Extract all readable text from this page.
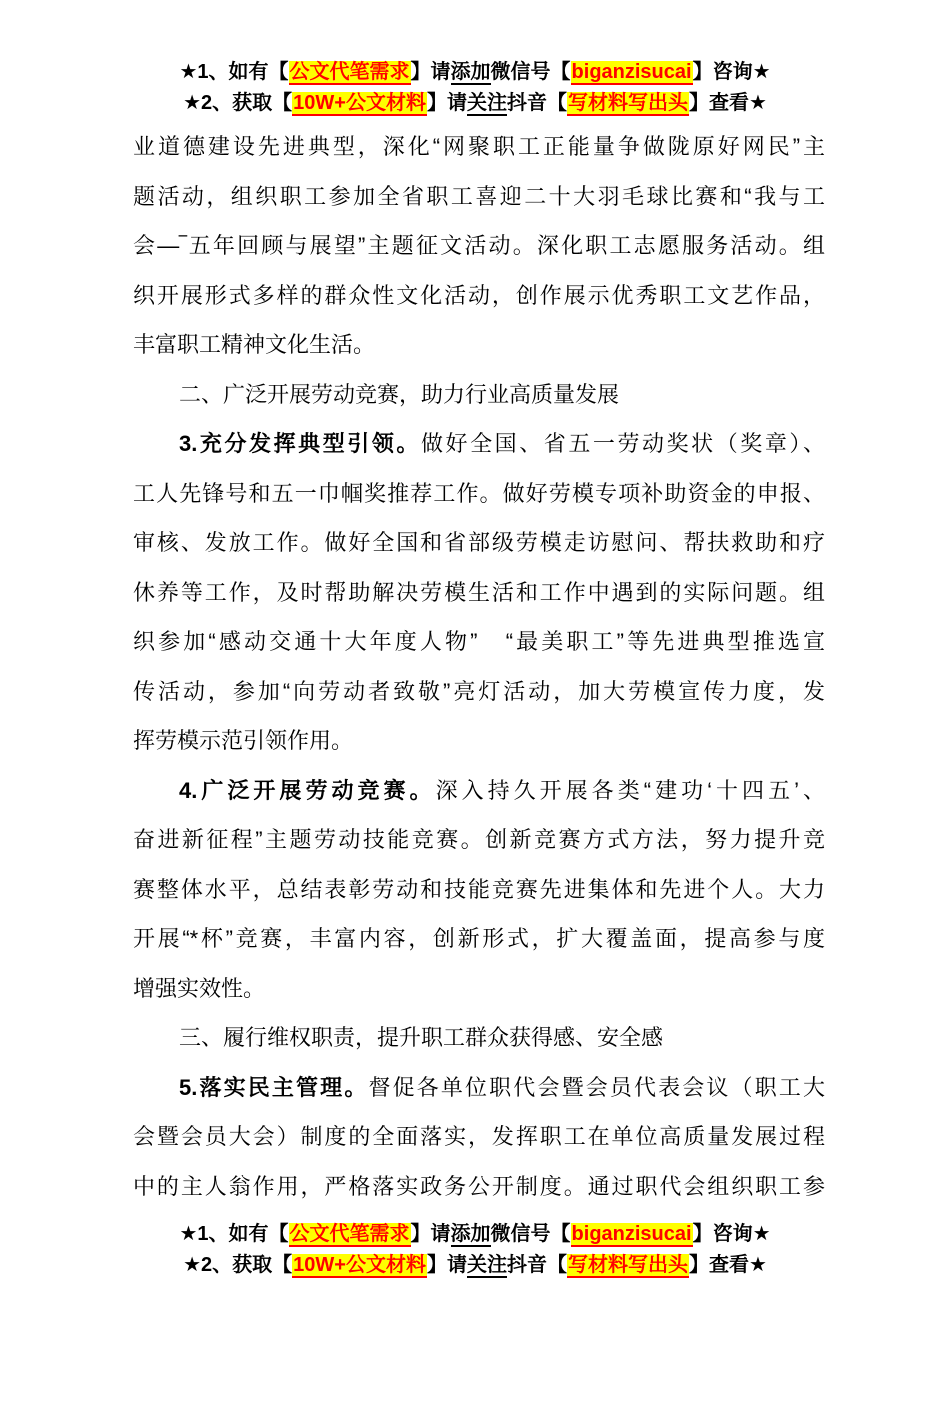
★1、如有【公文代笔需求】请添加微信号【biganzisucai】咨询★
★2、获取【10W+公文材料】请关注抖音【写材料写出头】查看★
业道德建设先进典型，深化“网聚职工正能量争做陇原好网民”主
题活动，组织职工参加全省职工喜迎二十大羽毛球比赛和“我与工
会—‾五年回顾与展望”主题征文活动。深化职工志愿服务活动。组
织开展形式多样的群众性文化活动，创作展示优秀职工文艺作品，
丰富职工精神文化生活。
二、广泛开展劳动竞赛，助力行业高质量发展
3.充分发挥典型引领。做好全国、省五一劳动奖状（奖章）、
工人先锋号和五一巾帼奖推荐工作。做好劳模专项补助资金的申报、
审核、发放工作。做好全国和省部级劳模走访慰问、帮扶救助和疗
休养等工作，及时帮助解决劳模生活和工作中遇到的实际问题。组
织参加“感动交通十大年度人物”　“最美职工”等先进典型推选宣
传活动，参加“向劳动者致敬”亮灯活动，加大劳模宣传力度，发
挥劳模示范引领作用。
4.广泛开展劳动竞赛。深入持久开展各类“建功‘十四五’、
奋进新征程”主题劳动技能竞赛。创新竞赛方式方法，努力提升竞
赛整体水平，总结表彰劳动和技能竞赛先进集体和先进个人。大力
开展“*杯”竞赛，丰富内容，创新形式，扩大覆盖面，提高参与度
增强实效性。
三、履行维权职责，提升职工群众获得感、安全感
5.落实民主管理。督促各单位职代会暨会员代表会议（职工大
会暨会员大会）制度的全面落实，发挥职工在单位高质量发展过程
中的主人翁作用，严格落实政务公开制度。通过职代会组织职工参
★1、如有【公文代笔需求】请添加微信号【biganzisucai】咨询★
★2、获取【10W+公文材料】请关注抖音【写材料写出头】查看★
